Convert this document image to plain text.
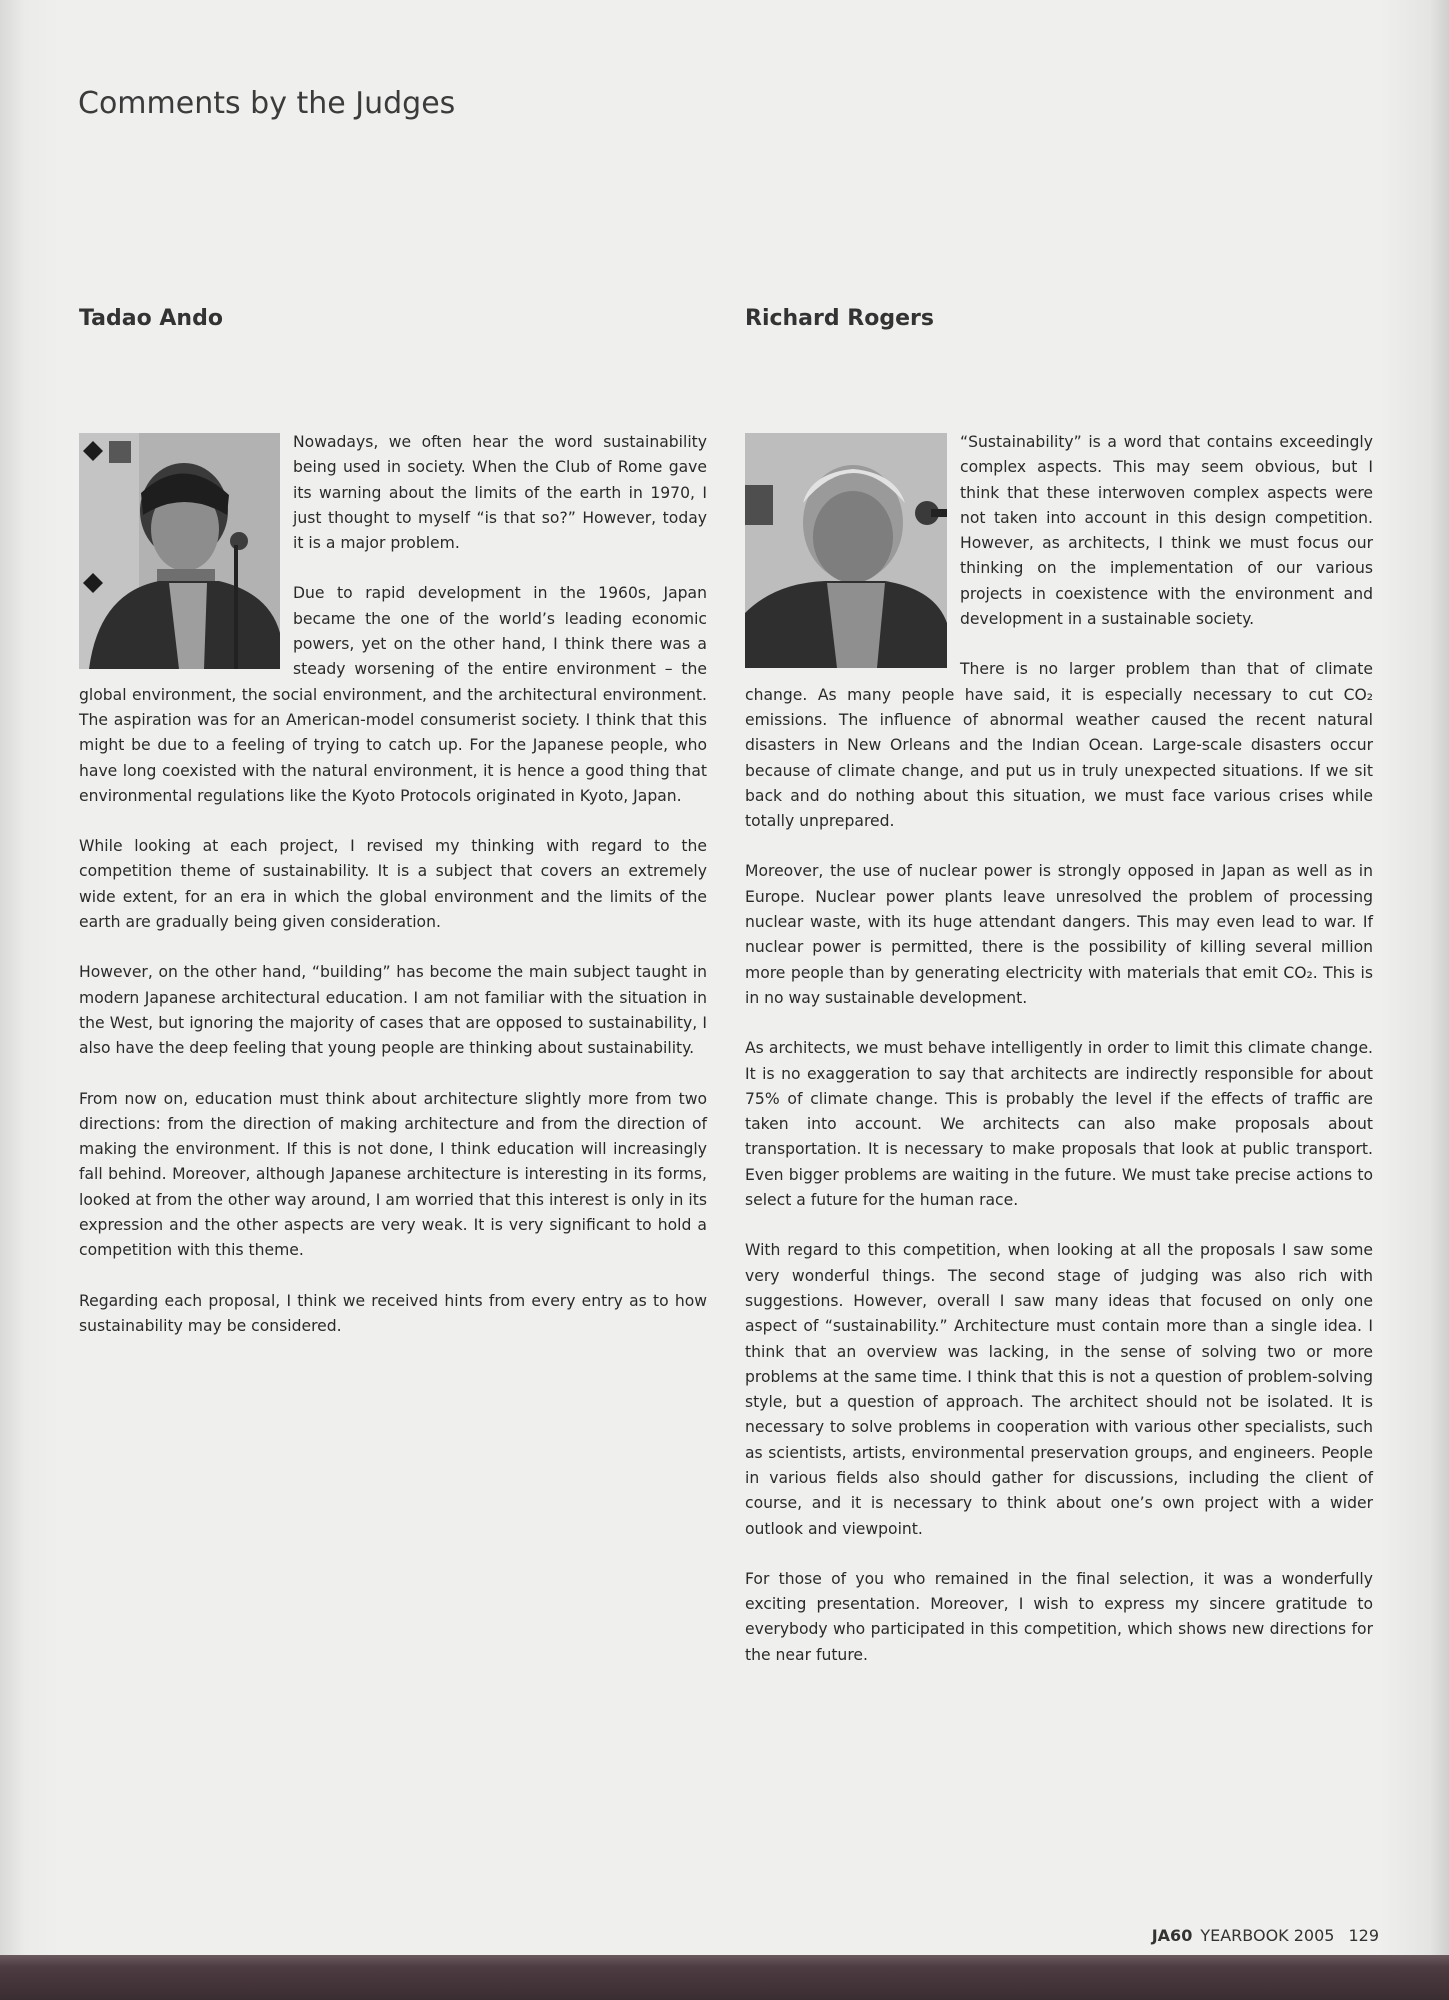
Comments by the Judges
Tadao Ando

Nowadays, we often hear the word sustainability being used in society. When the Club of Rome gave its warning about the limits of the earth in 1970, I just thought to myself “is that so?” However, today it is a major problem.

Due to rapid development in the 1960s, Japan became the one of the world’s leading economic powers, yet on the other hand, I think there was a steady worsening of the entire environment – the global environment, the social environment, and the architectural environment. The aspiration was for an American-model consumerist society. I think that this might be due to a feeling of trying to catch up. For the Japanese people, who have long coexisted with the natural environment, it is hence a good thing that environmental regulations like the Kyoto Protocols originated in Kyoto, Japan.

While looking at each project, I revised my thinking with regard to the competition theme of sustainability. It is a subject that covers an extremely wide extent, for an era in which the global environment and the limits of the earth are gradually being given consideration.

However, on the other hand, “building” has become the main subject taught in modern Japanese architectural education. I am not familiar with the situation in the West, but ignoring the majority of cases that are opposed to sustainability, I also have the deep feeling that young people are thinking about sustainability.

From now on, education must think about architecture slightly more from two directions: from the direction of making architecture and from the direction of making the environment. If this is not done, I think education will increasingly fall behind. Moreover, although Japanese architecture is interesting in its forms, looked at from the other way around, I am worried that this interest is only in its expression and the other aspects are very weak. It is very significant to hold a competition with this theme.

Regarding each proposal, I think we received hints from every entry as to how sustainability may be considered.

Richard Rogers

“Sustainability” is a word that contains exceedingly complex aspects. This may seem obvious, but I think that these interwoven complex aspects were not taken into account in this design competition. However, as architects, I think we must focus our thinking on the implementation of our various projects in coexistence with the environment and development in a sustainable society.

There is no larger problem than that of climate change. As many people have said, it is especially necessary to cut CO₂ emissions. The influence of abnormal weather caused the recent natural disasters in New Orleans and the Indian Ocean. Large-scale disasters occur because of climate change, and put us in truly unexpected situations. If we sit back and do nothing about this situation, we must face various crises while totally unprepared.

Moreover, the use of nuclear power is strongly opposed in Japan as well as in Europe. Nuclear power plants leave unresolved the problem of processing nuclear waste, with its huge attendant dangers. This may even lead to war. If nuclear power is permitted, there is the possibility of killing several million more people than by generating electricity with materials that emit CO₂. This is in no way sustainable development.

As architects, we must behave intelligently in order to limit this climate change. It is no exaggeration to say that architects are indirectly responsible for about 75% of climate change. This is probably the level if the effects of traffic are taken into account. We architects can also make proposals about transportation. It is necessary to make proposals that look at public transport. Even bigger problems are waiting in the future. We must take precise actions to select a future for the human race.

With regard to this competition, when looking at all the proposals I saw some very wonderful things. The second stage of judging was also rich with suggestions. However, overall I saw many ideas that focused on only one aspect of “sustainability.” Architecture must contain more than a single idea. I think that an overview was lacking, in the sense of solving two or more problems at the same time. I think that this is not a question of problem-solving style, but a question of approach. The architect should not be isolated. It is necessary to solve problems in cooperation with various other specialists, such as scientists, artists, environmental preservation groups, and engineers. People in various fields also should gather for discussions, including the client of course, and it is necessary to think about one’s own project with a wider outlook and viewpoint.

For those of you who remained in the final selection, it was a wonderfully exciting presentation. Moreover, I wish to express my sincere gratitude to everybody who participated in this competition, which shows new directions for the near future.

JA60 YEARBOOK 2005 129
